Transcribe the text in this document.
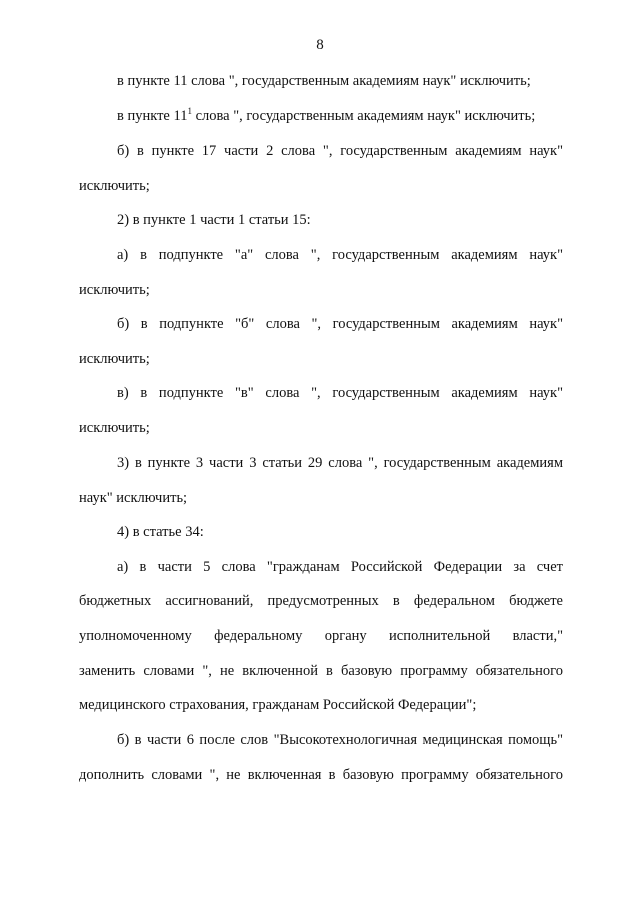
8
в пункте 11 слова ", государственным академиям наук" исключить;
в пункте $11^1$ слова ", государственным академиям наук" исключить;
б) в пункте 17 части 2 слова ", государственным академиям наук"
исключить;
2) в пункте 1 части 1 статьи 15:
а) в подпункте "а" слова ", государственным академиям наук"
исключить;
б) в подпункте "б" слова ", государственным академиям наук"
исключить;
в) в подпункте "в" слова ", государственным академиям наук"
исключить;
3) в пункте 3 части 3 статьи 29 слова ", государственным академиям
наук" исключить;
4) в статье 34:
а) в части 5 слова "гражданам Российской Федерации за счет
бюджетных ассигнований, предусмотренных в федеральном бюджете
уполномоченному федеральному органу исполнительной власти,"
заменить словами ", не включенной в базовую программу обязательного
медицинского страхования, гражданам Российской Федерации";
б) в части 6 после слов "Высокотехнологичная медицинская помощь"
дополнить словами ", не включенная в базовую программу обязательного
